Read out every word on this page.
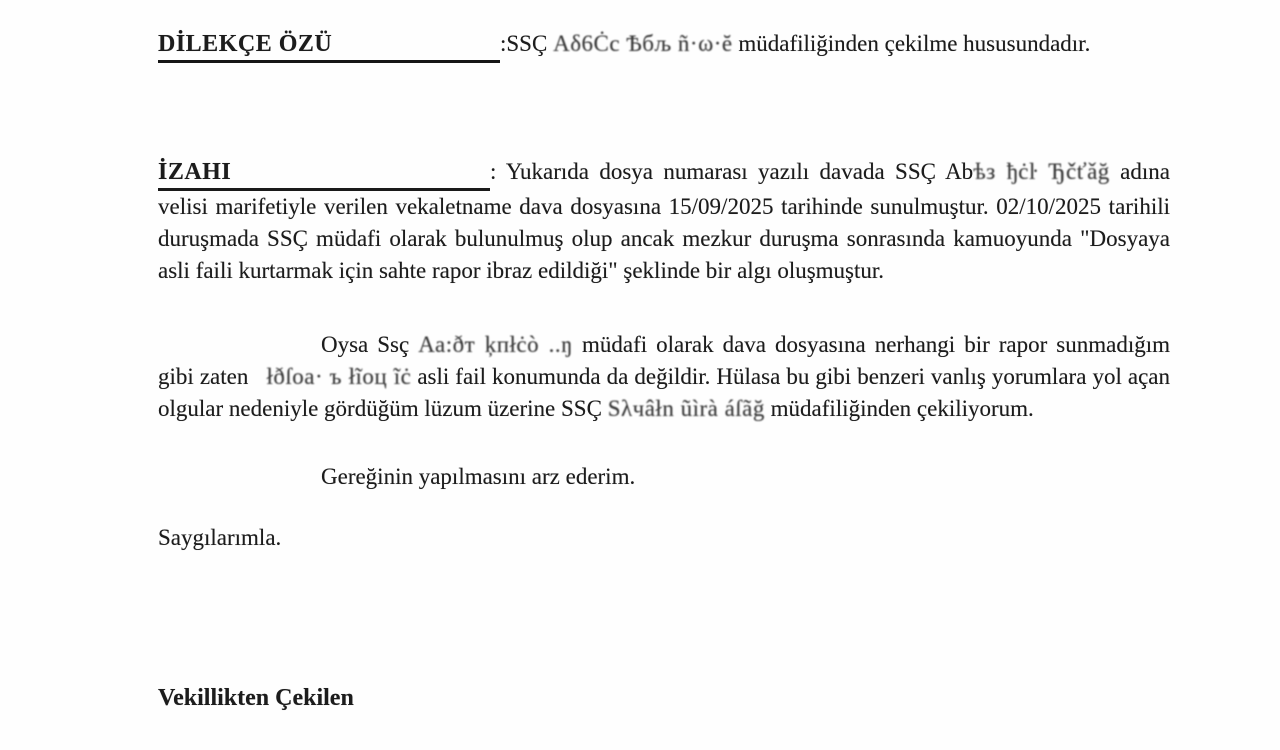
DİLEKÇE ÖZÜ	:SSÇ Aδ6Ċc Ѣбљ ñ·ω·ĕ müdafiliğinden çekilme hususundadır.

İZAHI	: Yukarıda dosya numarası yazılı davada SSÇ Abѣз ђċŀ Ђčťǎğ adına velisi marifetiyle verilen vekaletname dava dosyasına 15/09/2025 tarihinde sunulmuştur. 02/10/2025 tarihili duruşmada SSÇ müdafi olarak bulunulmuş olup ancak mezkur duruşma sonrasında kamuoyunda "Dosyaya asli faili kurtarmak için sahte rapor ibraz edildiği" şeklinde bir algı oluşmuştur.

Oysa Ssç Аа:ðт ķпłċò ..ŋ müdafi olarak dava dosyasına nerhangi bir rapor sunmadığım gibi zaten   łðſоа· ъ łĩоц ĩċ asli fail konumunda da değildir. Hülasa bu gibi benzeri vanlış yorumlara yol açan olgular nedeniyle gördüğüm lüzum üzerine SSÇ Ѕλчâłn ũìrà áſãğ müdafiliğinden çekiliyorum.

Gereğinin yapılmasını arz ederim.

Saygılarımla.

Vekillikten Çekilen
